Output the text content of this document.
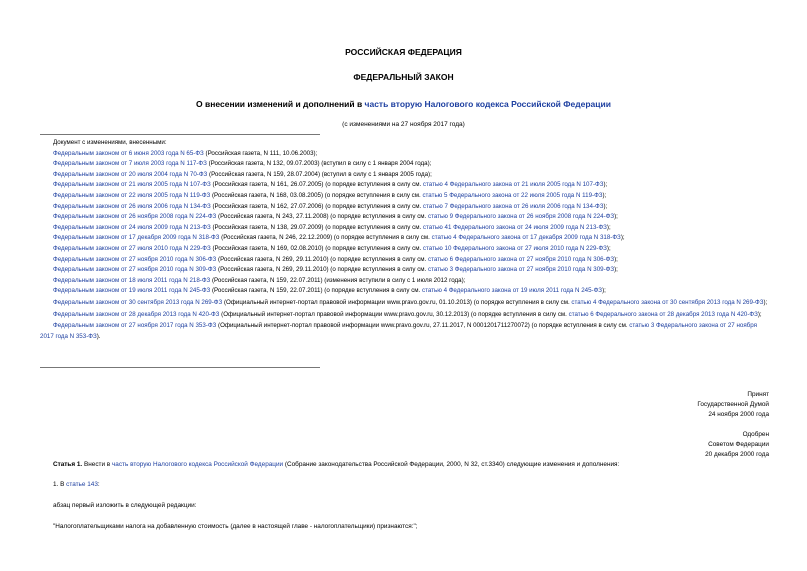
РОССИЙСКАЯ ФЕДЕРАЦИЯ
ФЕДЕРАЛЬНЫЙ ЗАКОН
О внесении изменений и дополнений в часть вторую Налогового кодекса Российской Федерации
(с изменениями на 27 ноября 2017 года)
Документ с изменениями, внесенными:
Федеральным законом от 6 июня 2003 года N 65-ФЗ (Российская газета, N 111, 10.06.2003);
Федеральным законом от 7 июля 2003 года N 117-ФЗ (Российская газета, N 132, 09.07.2003) (вступил в силу с 1 января 2004 года);
Федеральным законом от 20 июля 2004 года N 70-ФЗ (Российская газета, N 159, 28.07.2004) (вступил в силу с 1 января 2005 года);
Федеральным законом от 21 июля 2005 года N 107-ФЗ (Российская газета, N 161, 26.07.2005) (о порядке вступления в силу см. статью 4 Федерального закона от 21 июля 2005 года N 107-ФЗ);
Федеральным законом от 22 июля 2005 года N 119-ФЗ (Российская газета, N 168, 03.08.2005) (о порядке вступления в силу см. статью 5 Федерального закона от 22 июля 2005 года N 119-ФЗ);
Федеральным законом от 26 июля 2006 года N 134-ФЗ (Российская газета, N 162, 27.07.2006) (о порядке вступления в силу см. статью 7 Федерального закона от 26 июля 2006 года N 134-ФЗ);
Федеральным законом от 26 ноября 2008 года N 224-ФЗ (Российская газета, N 243, 27.11.2008) (о порядке вступления в силу см. статью 9 Федерального закона от 26 ноября 2008 года N 224-ФЗ);
Федеральным законом от 24 июля 2009 года N 213-ФЗ (Российская газета, N 138, 29.07.2009) (о порядке вступления в силу см. статью 41 Федерального закона от 24 июля 2009 года N 213-ФЗ);
Федеральным законом от 17 декабря 2009 года N 318-ФЗ (Российская газета, N 246, 22.12.2009) (о порядке вступления в силу см. статью 4 Федерального закона от 17 декабря 2009 года N 318-ФЗ);
Федеральным законом от 27 июля 2010 года N 229-ФЗ (Российская газета, N 169, 02.08.2010) (о порядке вступления в силу см. статью 10 Федерального закона от 27 июля 2010 года N 229-ФЗ);
Федеральным законом от 27 ноября 2010 года N 306-ФЗ (Российская газета, N 269, 29.11.2010) (о порядке вступления в силу см. статью 6 Федерального закона от 27 ноября 2010 года N 306-ФЗ);
Федеральным законом от 27 ноября 2010 года N 309-ФЗ (Российская газета, N 269, 29.11.2010) (о порядке вступления в силу см. статью 3 Федерального закона от 27 ноября 2010 года N 309-ФЗ);
Федеральным законом от 18 июля 2011 года N 218-ФЗ (Российская газета, N 159, 22.07.2011) (изменения вступили в силу с 1 июля 2012 года);
Федеральным законом от 19 июля 2011 года N 245-ФЗ (Российская газета, N 159, 22.07.2011) (о порядке вступления в силу см. статью 4 Федерального закона от 19 июля 2011 года N 245-ФЗ);
Федеральным законом от 30 сентября 2013 года N 269-ФЗ (Официальный интернет-портал правовой информации www.pravo.gov.ru, 01.10.2013) (о порядке вступления в силу см. статью 4 Федерального закона от 30 сентября 2013 года N 269-ФЗ);
Федеральным законом от 28 декабря 2013 года N 420-ФЗ (Официальный интернет-портал правовой информации www.pravo.gov.ru, 30.12.2013) (о порядке вступления в силу см. статью 6 Федерального закона от 28 декабря 2013 года N 420-ФЗ);
Федеральным законом от 27 ноября 2017 года N 353-ФЗ (Официальный интернет-портал правовой информации www.pravo.gov.ru, 27.11.2017, N 0001201711270072) (о порядке вступления в силу см. статью 3 Федерального закона от 27 ноября 2017 года N 353-ФЗ).
Принят
Государственной Думой
24 ноября 2000 года
Одобрен
Советом Федерации
20 декабря 2000 года

Статья 1. Внести в часть вторую Налогового кодекса Российской Федерации (Собрание законодательства Российской Федерации, 2000, N 32, ст.3340) следующие изменения и дополнения:

1. В статье 143:

абзац первый изложить в следующей редакции:

"Налогоплательщиками налога на добавленную стоимость (далее в настоящей главе - налогоплательщики) признаются:";
